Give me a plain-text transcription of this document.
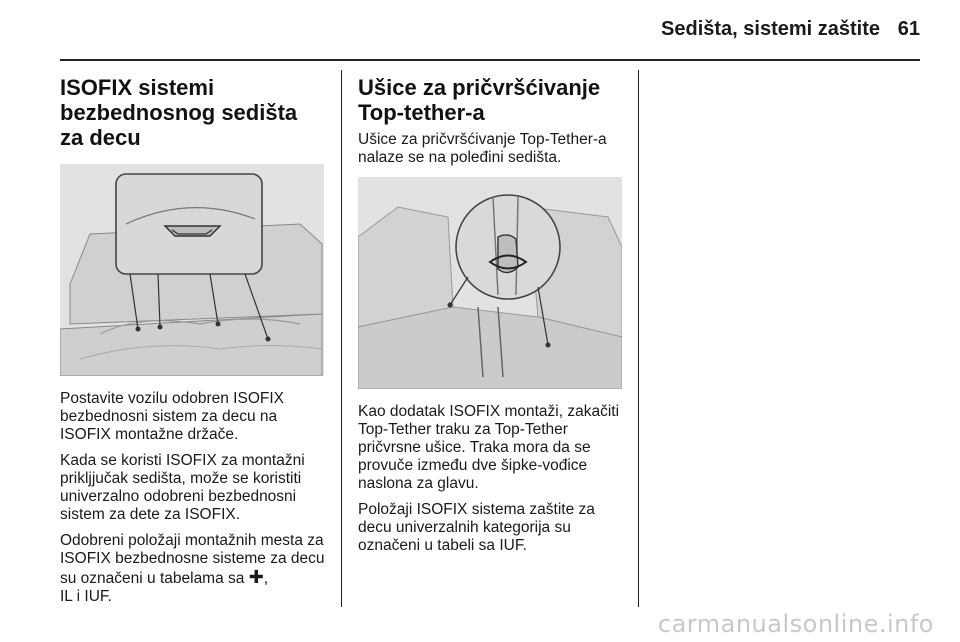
Sedišta, sistemi zaštite 61
ISOFIX sistemi bezbednosnog sedišta za decu

Postavite vozilu odobren ISOFIX bezbednosni sistem za decu na ISOFIX montažne držače.

Kada se koristi ISOFIX za montažni prikljjučak sedišta, može se koristiti univerzalno odobreni bezbednosni sistem za dete za ISOFIX.

Odobreni položaji montažnih mesta za ISOFIX bezbednosne sisteme za decu su označeni u tabelama sa ✚,
IL i IUF.

Ušice za pričvršćivanje Top-tether-a

Ušice za pričvršćivanje Top-Tether-a nalaze se na poleđini sedišta.

Kao dodatak ISOFIX montaži, zakačiti Top-Tether traku za Top-Tether pričvrsne ušice. Traka mora da se provuče između dve šipke-vođice naslona za glavu.

Položaji ISOFIX sistema zaštite za decu univerzalnih kategorija su označeni u tabeli sa IUF.

carmanualsonline.info
